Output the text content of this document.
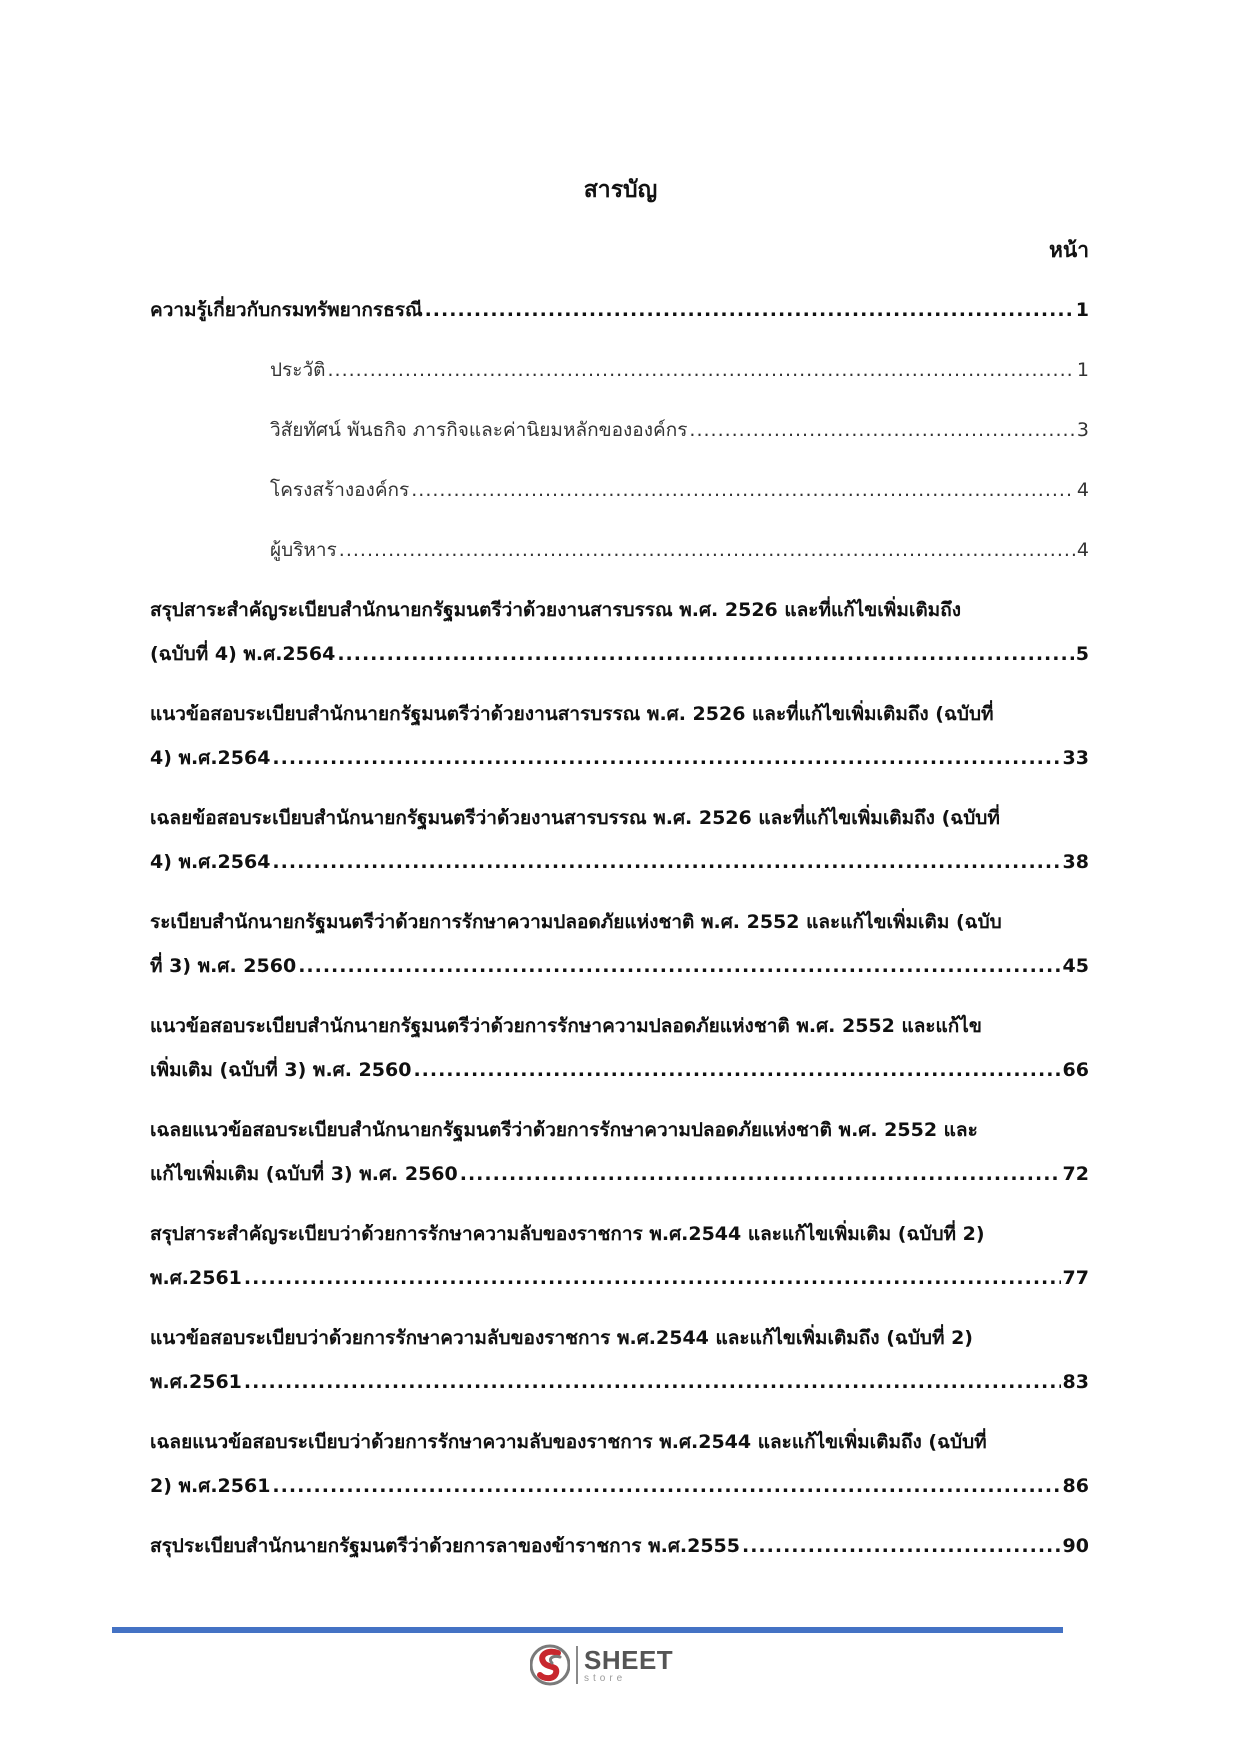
สารบัญ
หน้า
ความรู้เกี่ยวกับกรมทรัพยากรธรณี .....	1
ประวัติ .....	1
วิสัยทัศน์ พันธกิจ ภารกิจและค่านิยมหลักขององค์กร .....	3
โครงสร้างองค์กร .....	4
ผู้บริหาร .....	4
สรุปสาระสำคัญระเบียบสำนักนายกรัฐมนตรีว่าด้วยงานสารบรรณ พ.ศ. 2526 และที่แก้ไขเพิ่มเติมถึง
(ฉบับที่ 4) พ.ศ.2564 .....	5
แนวข้อสอบระเบียบสำนักนายกรัฐมนตรีว่าด้วยงานสารบรรณ พ.ศ. 2526 และที่แก้ไขเพิ่มเติมถึง (ฉบับที่
4) พ.ศ.2564 .....	33
เฉลยข้อสอบระเบียบสำนักนายกรัฐมนตรีว่าด้วยงานสารบรรณ พ.ศ. 2526 และที่แก้ไขเพิ่มเติมถึง (ฉบับที่
4) พ.ศ.2564 .....	38
ระเบียบสำนักนายกรัฐมนตรีว่าด้วยการรักษาความปลอดภัยแห่งชาติ พ.ศ. 2552 และแก้ไขเพิ่มเติม (ฉบับ
ที่ 3) พ.ศ. 2560 .....	45
แนวข้อสอบระเบียบสำนักนายกรัฐมนตรีว่าด้วยการรักษาความปลอดภัยแห่งชาติ พ.ศ. 2552 และแก้ไข
เพิ่มเติม (ฉบับที่ 3) พ.ศ. 2560 .....	66
เฉลยแนวข้อสอบระเบียบสำนักนายกรัฐมนตรีว่าด้วยการรักษาความปลอดภัยแห่งชาติ พ.ศ. 2552 และ
แก้ไขเพิ่มเติม (ฉบับที่ 3) พ.ศ. 2560 .....	72
สรุปสาระสำคัญระเบียบว่าด้วยการรักษาความลับของราชการ พ.ศ.2544 และแก้ไขเพิ่มเติม (ฉบับที่ 2)
พ.ศ.2561 .....	77
แนวข้อสอบระเบียบว่าด้วยการรักษาความลับของราชการ พ.ศ.2544 และแก้ไขเพิ่มเติมถึง (ฉบับที่ 2)
พ.ศ.2561 .....	83
เฉลยแนวข้อสอบระเบียบว่าด้วยการรักษาความลับของราชการ พ.ศ.2544 และแก้ไขเพิ่มเติมถึง (ฉบับที่
2) พ.ศ.2561 .....	86
สรุประเบียบสำนักนายกรัฐมนตรีว่าด้วยการลาของข้าราชการ พ.ศ.2555 .....	90
SHEET
store
